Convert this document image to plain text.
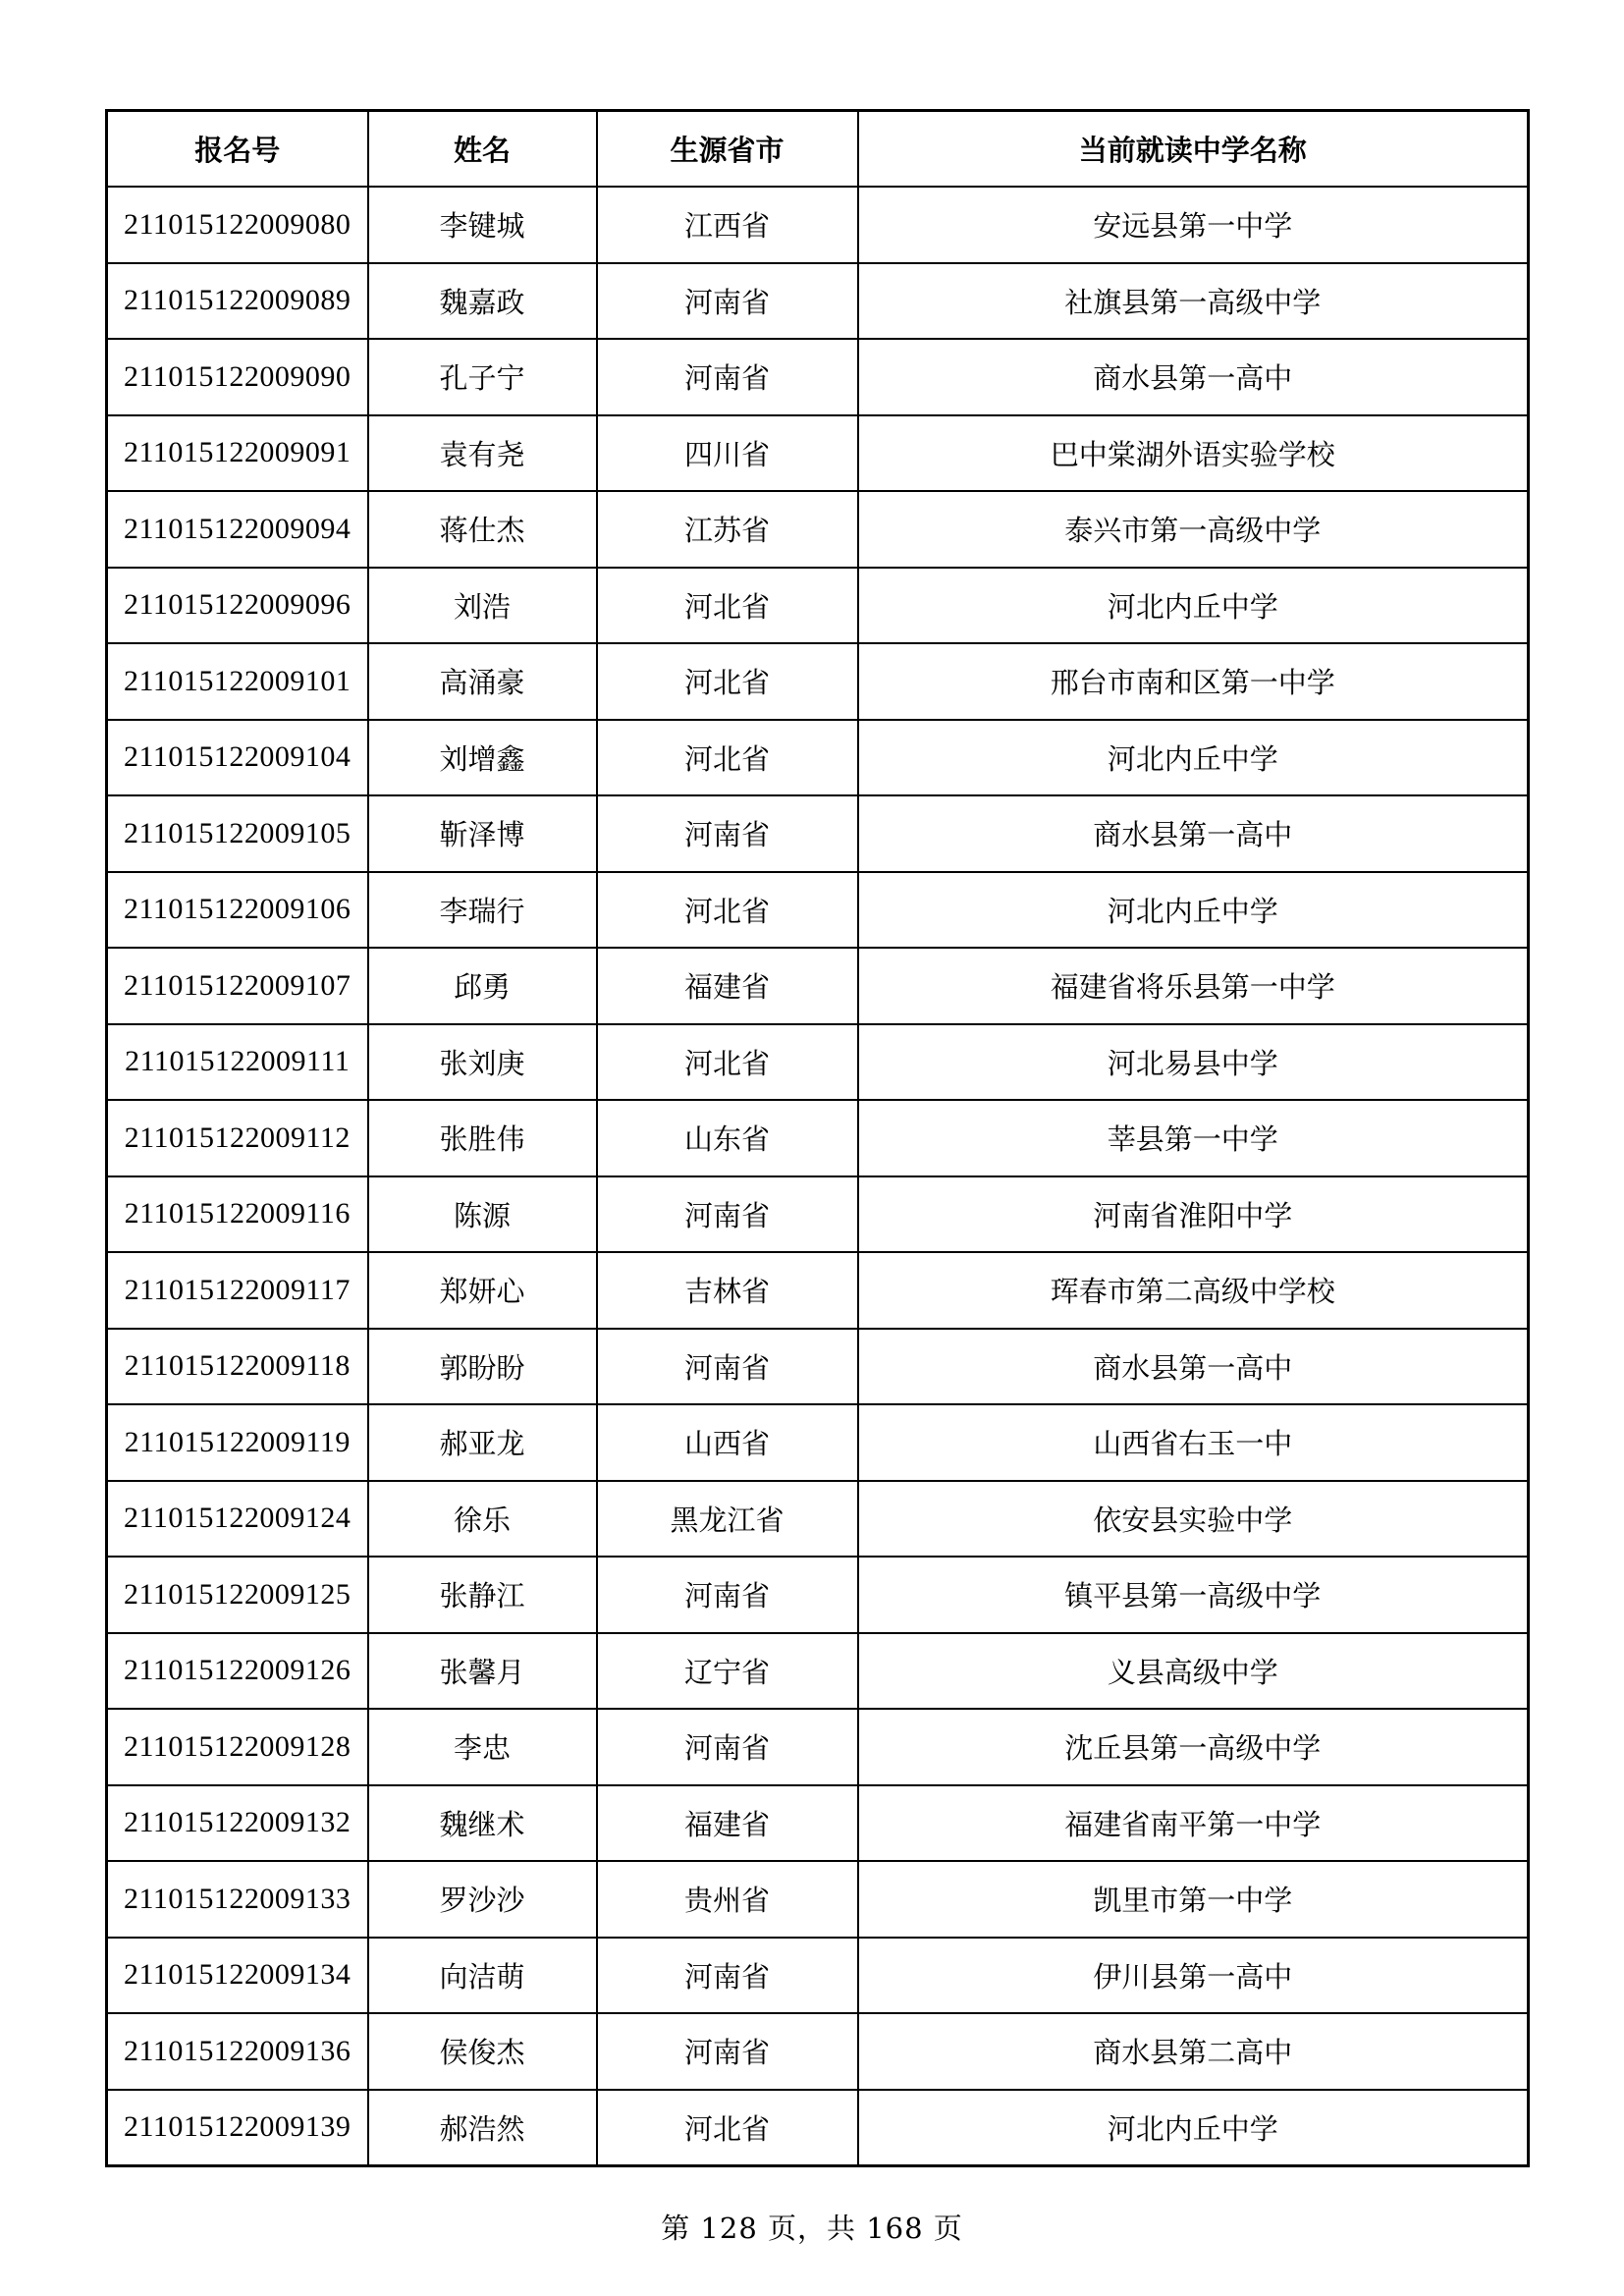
报名号	姓名	生源省市	当前就读中学名称
211015122009080	李键城	江西省	安远县第一中学
211015122009089	魏嘉政	河南省	社旗县第一高级中学
211015122009090	孔子宁	河南省	商水县第一高中
211015122009091	袁有尧	四川省	巴中棠湖外语实验学校
211015122009094	蒋仕杰	江苏省	泰兴市第一高级中学
211015122009096	刘浩	河北省	河北内丘中学
211015122009101	高涌豪	河北省	邢台市南和区第一中学
211015122009104	刘增鑫	河北省	河北内丘中学
211015122009105	靳泽博	河南省	商水县第一高中
211015122009106	李瑞行	河北省	河北内丘中学
211015122009107	邱勇	福建省	福建省将乐县第一中学
211015122009111	张刘庚	河北省	河北易县中学
211015122009112	张胜伟	山东省	莘县第一中学
211015122009116	陈源	河南省	河南省淮阳中学
211015122009117	郑妍心	吉林省	珲春市第二高级中学校
211015122009118	郭盼盼	河南省	商水县第一高中
211015122009119	郝亚龙	山西省	山西省右玉一中
211015122009124	徐乐	黑龙江省	依安县实验中学
211015122009125	张静江	河南省	镇平县第一高级中学
211015122009126	张馨月	辽宁省	义县高级中学
211015122009128	李忠	河南省	沈丘县第一高级中学
211015122009132	魏继术	福建省	福建省南平第一中学
211015122009133	罗沙沙	贵州省	凯里市第一中学
211015122009134	向洁萌	河南省	伊川县第一高中
211015122009136	侯俊杰	河南省	商水县第二高中
211015122009139	郝浩然	河北省	河北内丘中学
第 128 页，共 168 页
